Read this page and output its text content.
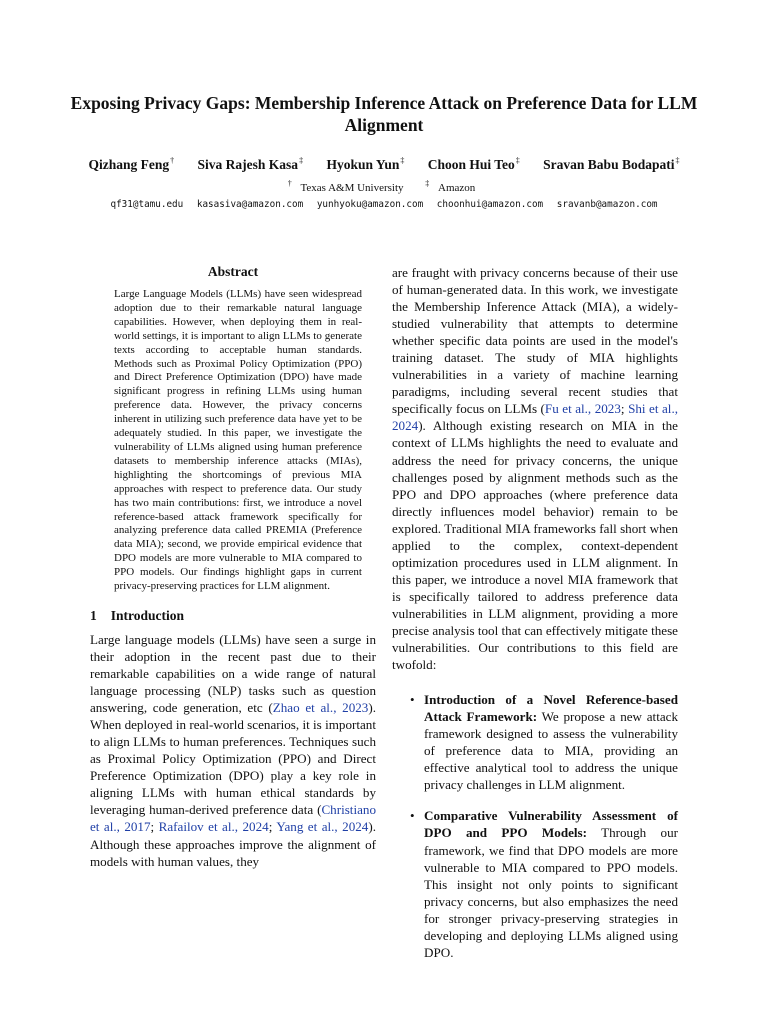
Exposing Privacy Gaps: Membership Inference Attack on Preference Data for LLM Alignment
Qizhang Feng† Siva Rajesh Kasa‡ Hyokun Yun‡ Choon Hui Teo‡ Sravan Babu Bodapati‡
† Texas A&M University	‡ Amazon
qf31@tamu.edu kasasiva@amazon.com yunhyoku@amazon.com choonhui@amazon.com sravanb@amazon.com
Abstract

Large Language Models (LLMs) have seen widespread adoption due to their remarkable natural language capabilities. However, when deploying them in real-world settings, it is important to align LLMs to generate texts according to acceptable human standards. Methods such as Proximal Policy Optimization (PPO) and Direct Preference Optimization (DPO) have made significant progress in refining LLMs using human preference data. However, the privacy concerns inherent in utilizing such preference data have yet to be adequately studied. In this paper, we investigate the vulnerability of LLMs aligned using human preference datasets to membership inference attacks (MIAs), highlighting the shortcomings of previous MIA approaches with respect to preference data. Our study has two main contributions: first, we introduce a novel reference-based attack framework specifically for analyzing preference data called PREMIA (Preference data MIA); second, we provide empirical evidence that DPO models are more vulnerable to MIA compared to PPO models. Our findings highlight gaps in current privacy-preserving practices for LLM alignment.

1 Introduction

Large language models (LLMs) have seen a surge in their adoption in the recent past due to their remarkable capabilities on a wide range of natural language processing (NLP) tasks such as question answering, code generation, etc (Zhao et al., 2023). When deployed in real-world scenarios, it is important to align LLMs to human preferences. Techniques such as Proximal Policy Optimization (PPO) and Direct Preference Optimization (DPO) play a key role in aligning LLMs with human ethical standards by leveraging human-derived preference data (Christiano et al., 2017; Rafailov et al., 2024; Yang et al., 2024). Although these approaches improve the alignment of models with human values, they

are fraught with privacy concerns because of their use of human-generated data. In this work, we investigate the Membership Inference Attack (MIA), a widely-studied vulnerability that attempts to determine whether specific data points are used in the model's training dataset. The study of MIA highlights vulnerabilities in a variety of machine learning paradigms, including several recent studies that specifically focus on LLMs (Fu et al., 2023; Shi et al., 2024). Although existing research on MIA in the context of LLMs highlights the need to evaluate and address the need for privacy concerns, the unique challenges posed by alignment methods such as the PPO and DPO approaches (where preference data directly influences model behavior) remain to be explored. Traditional MIA frameworks fall short when applied to the complex, context-dependent optimization procedures used in LLM alignment. In this paper, we introduce a novel MIA framework that is specifically tailored to address preference data vulnerabilities in LLM alignment, providing a more precise analysis tool that can effectively mitigate these vulnerabilities. Our contributions to this field are twofold:

• Introduction of a Novel Reference-based Attack Framework: We propose a new attack framework designed to assess the vulnerability of preference data to MIA, providing an effective analytical tool to address the unique privacy challenges in LLM alignment.
• Comparative Vulnerability Assessment of DPO and PPO Models: Through our framework, we find that DPO models are more vulnerable to MIA compared to PPO models. This insight not only points to significant privacy concerns, but also emphasizes the need for stronger privacy-preserving strategies in developing and deploying LLMs aligned using DPO.
